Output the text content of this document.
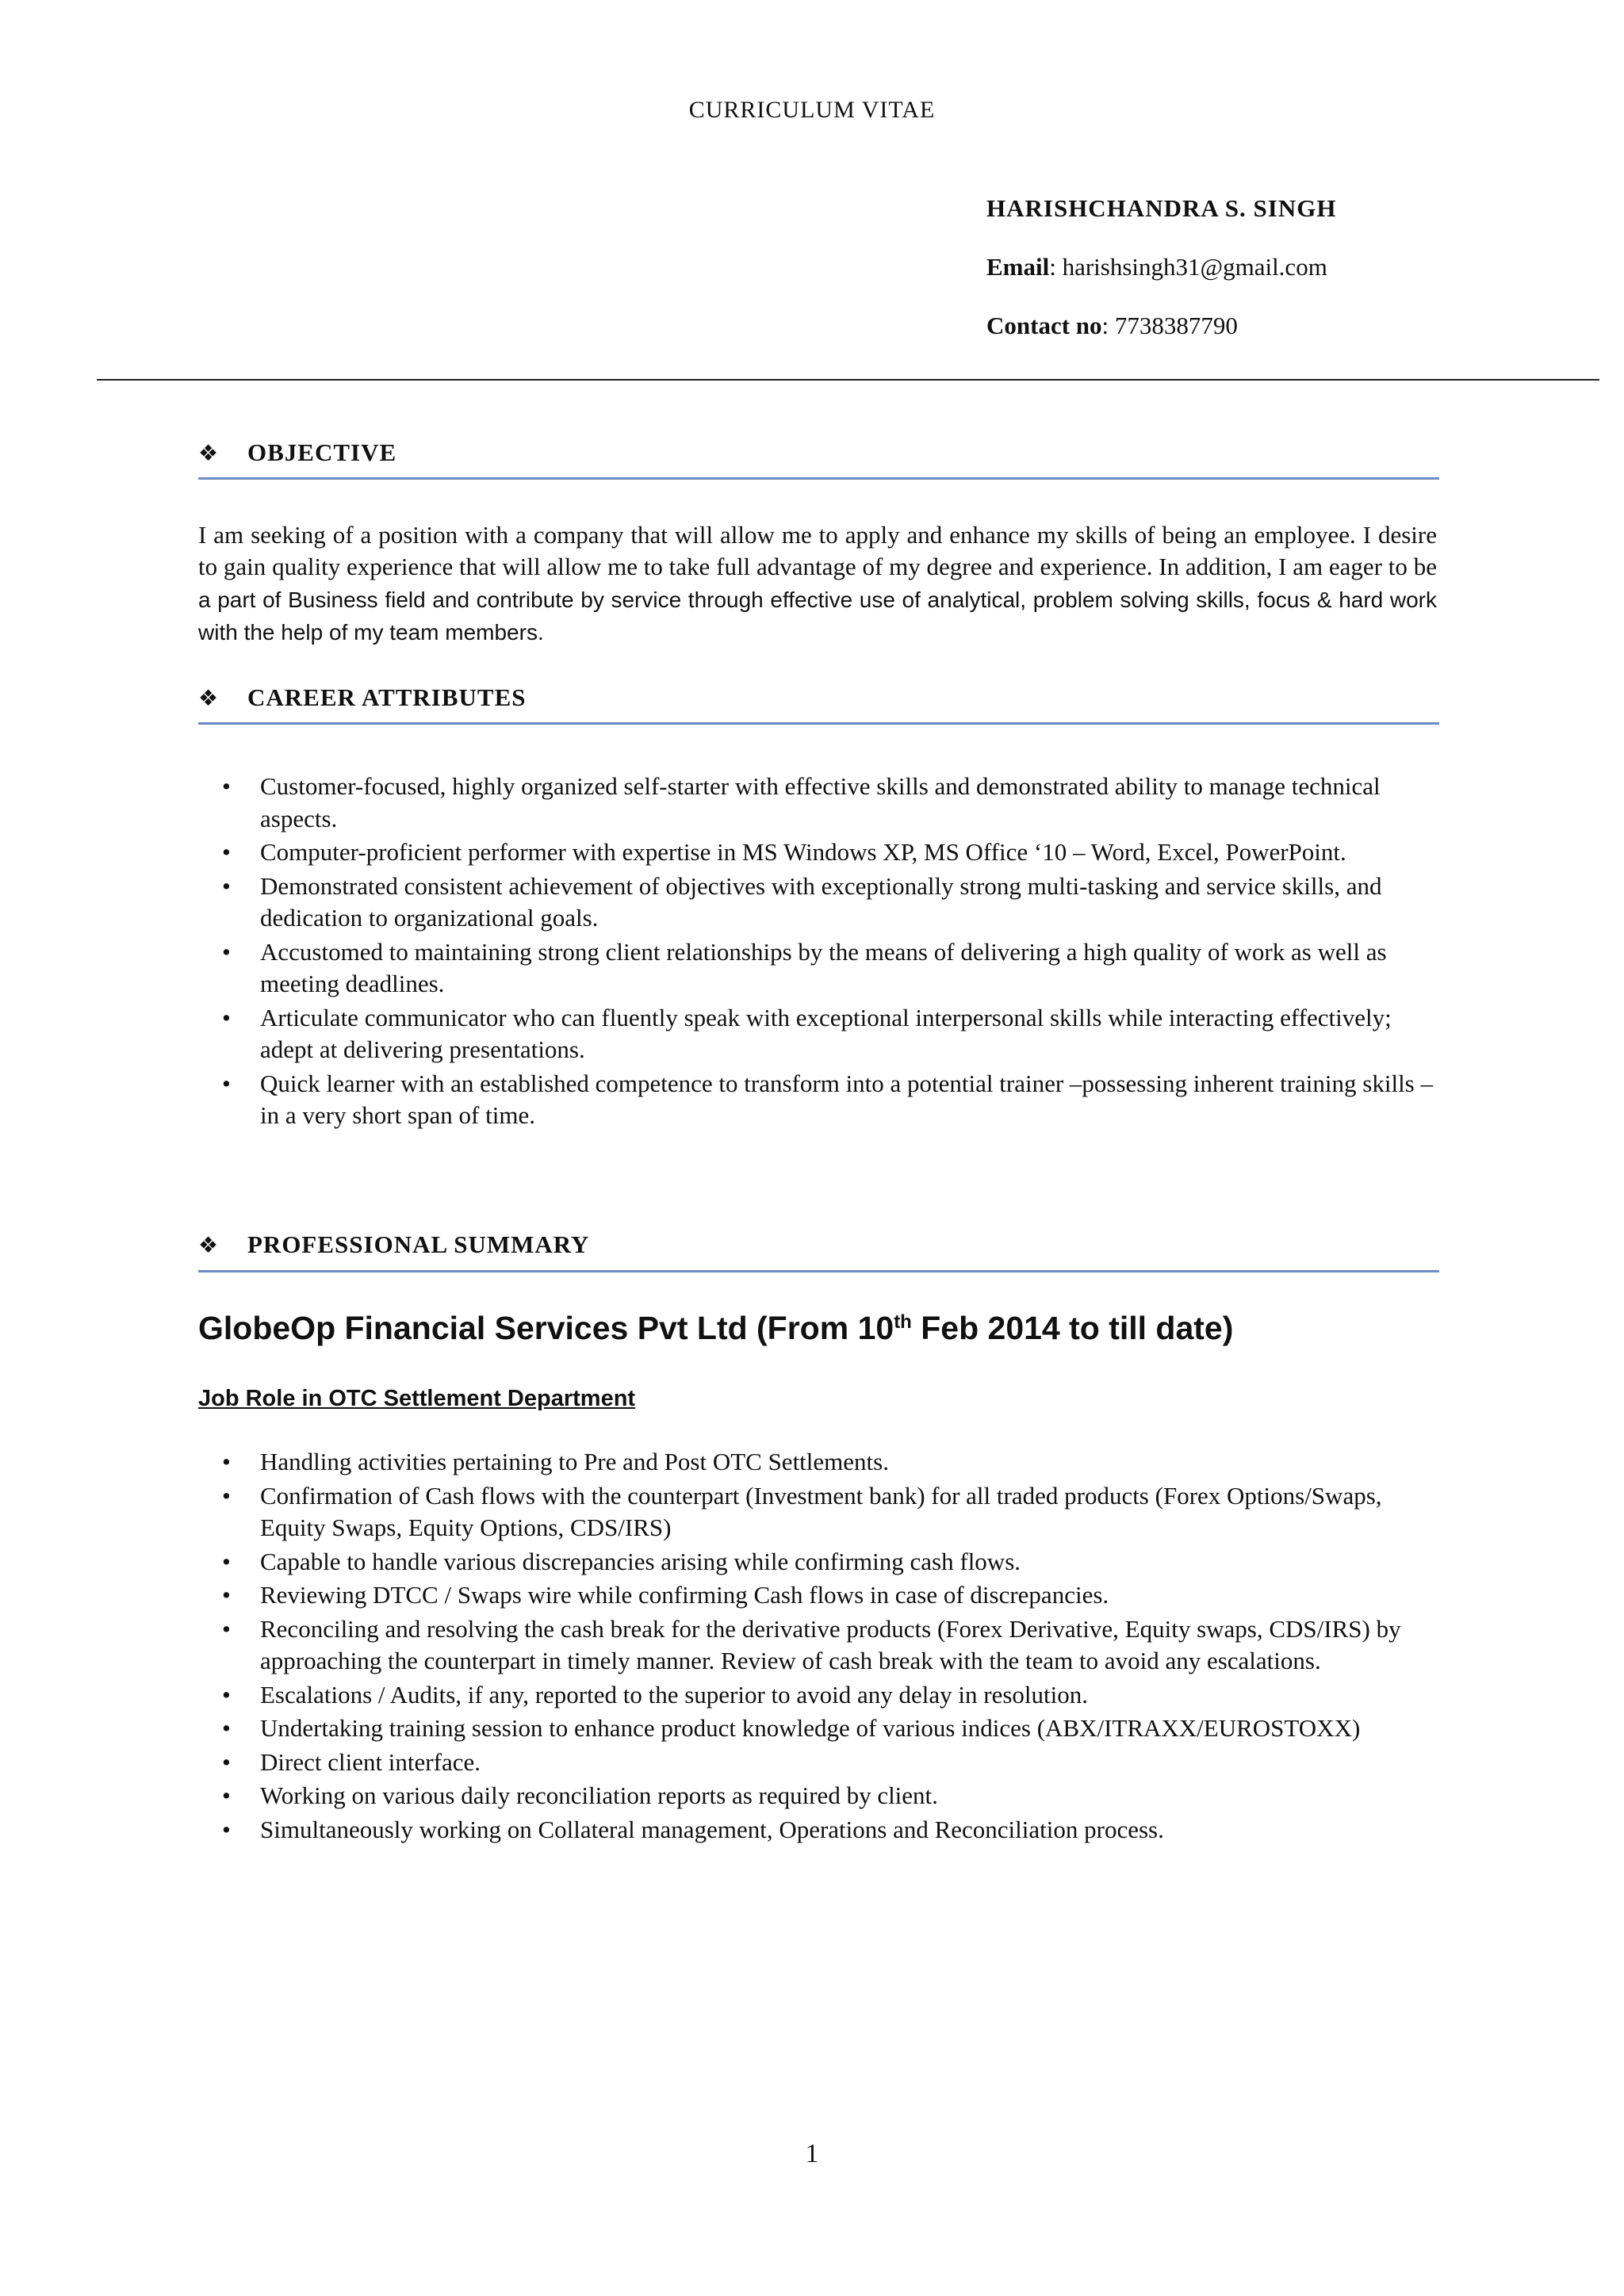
CURRICULUM VITAE
HARISHCHANDRA S. SINGH
Email: harishsingh31@gmail.com
Contact no: 7738387790
❖ OBJECTIVE
I am seeking of a position with a company that will allow me to apply and enhance my skills of being an employee. I desire to gain quality experience that will allow me to take full advantage of my degree and experience. In addition, I am eager to be a part of Business field and contribute by service through effective use of analytical, problem solving skills, focus & hard work with the help of my team members.
❖ CAREER ATTRIBUTES
• Customer-focused, highly organized self-starter with effective skills and demonstrated ability to manage technical aspects.
• Computer-proficient performer with expertise in MS Windows XP, MS Office ‘10 – Word, Excel, PowerPoint.
• Demonstrated consistent achievement of objectives with exceptionally strong multi-tasking and service skills, and dedication to organizational goals.
• Accustomed to maintaining strong client relationships by the means of delivering a high quality of work as well as meeting deadlines.
• Articulate communicator who can fluently speak with exceptional interpersonal skills while interacting effectively; adept at delivering presentations.
• Quick learner with an established competence to transform into a potential trainer –possessing inherent training skills – in a very short span of time.
❖ PROFESSIONAL SUMMARY
GlobeOp Financial Services Pvt Ltd (From 10th Feb 2014 to till date)
Job Role in OTC Settlement Department
• Handling activities pertaining to Pre and Post OTC Settlements.
• Confirmation of Cash flows with the counterpart (Investment bank) for all traded products (Forex Options/Swaps, Equity Swaps, Equity Options, CDS/IRS)
• Capable to handle various discrepancies arising while confirming cash flows.
• Reviewing DTCC / Swaps wire while confirming Cash flows in case of discrepancies.
• Reconciling and resolving the cash break for the derivative products (Forex Derivative, Equity swaps, CDS/IRS) by approaching the counterpart in timely manner. Review of cash break with the team to avoid any escalations.
• Escalations / Audits, if any, reported to the superior to avoid any delay in resolution.
• Undertaking training session to enhance product knowledge of various indices (ABX/ITRAXX/EUROSTOXX)
• Direct client interface.
• Working on various daily reconciliation reports as required by client.
• Simultaneously working on Collateral management, Operations and Reconciliation process.
1
